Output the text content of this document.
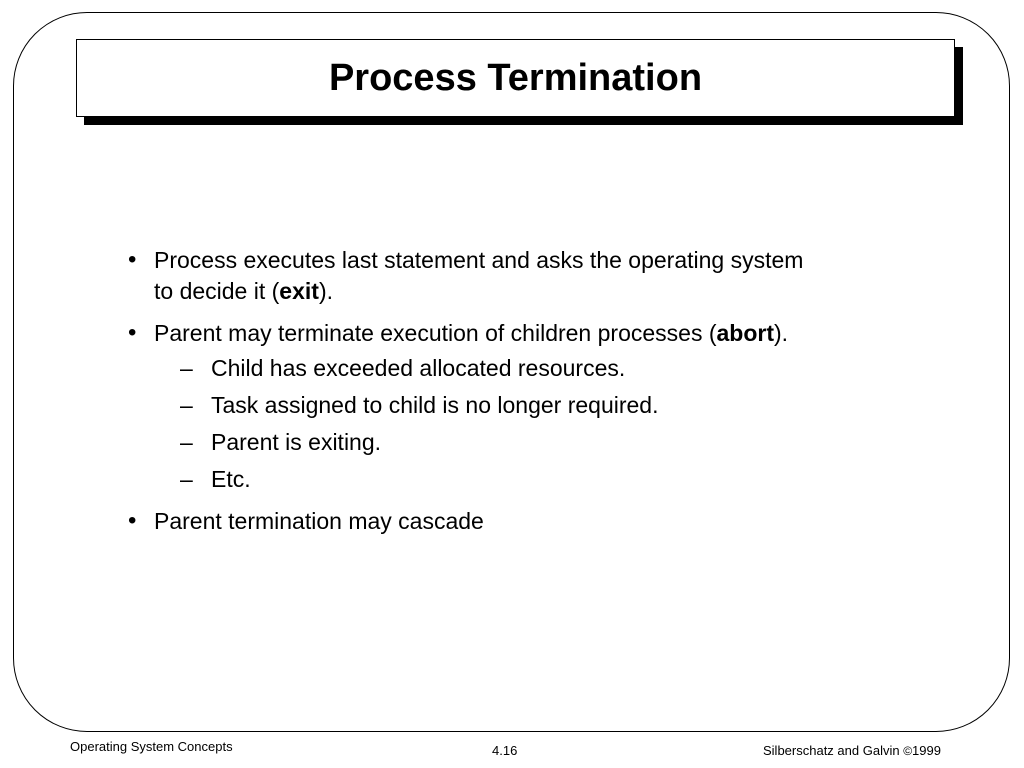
Process Termination
• Process executes last statement and asks the operating system
to decide it (exit).
• Parent may terminate execution of children processes (abort).
– Child has exceeded allocated resources.
– Task assigned to child is no longer required.
– Parent is exiting.
– Etc.
• Parent termination may cascade
Operating System Concepts	4.16	Silberschatz and Galvin ©1999
